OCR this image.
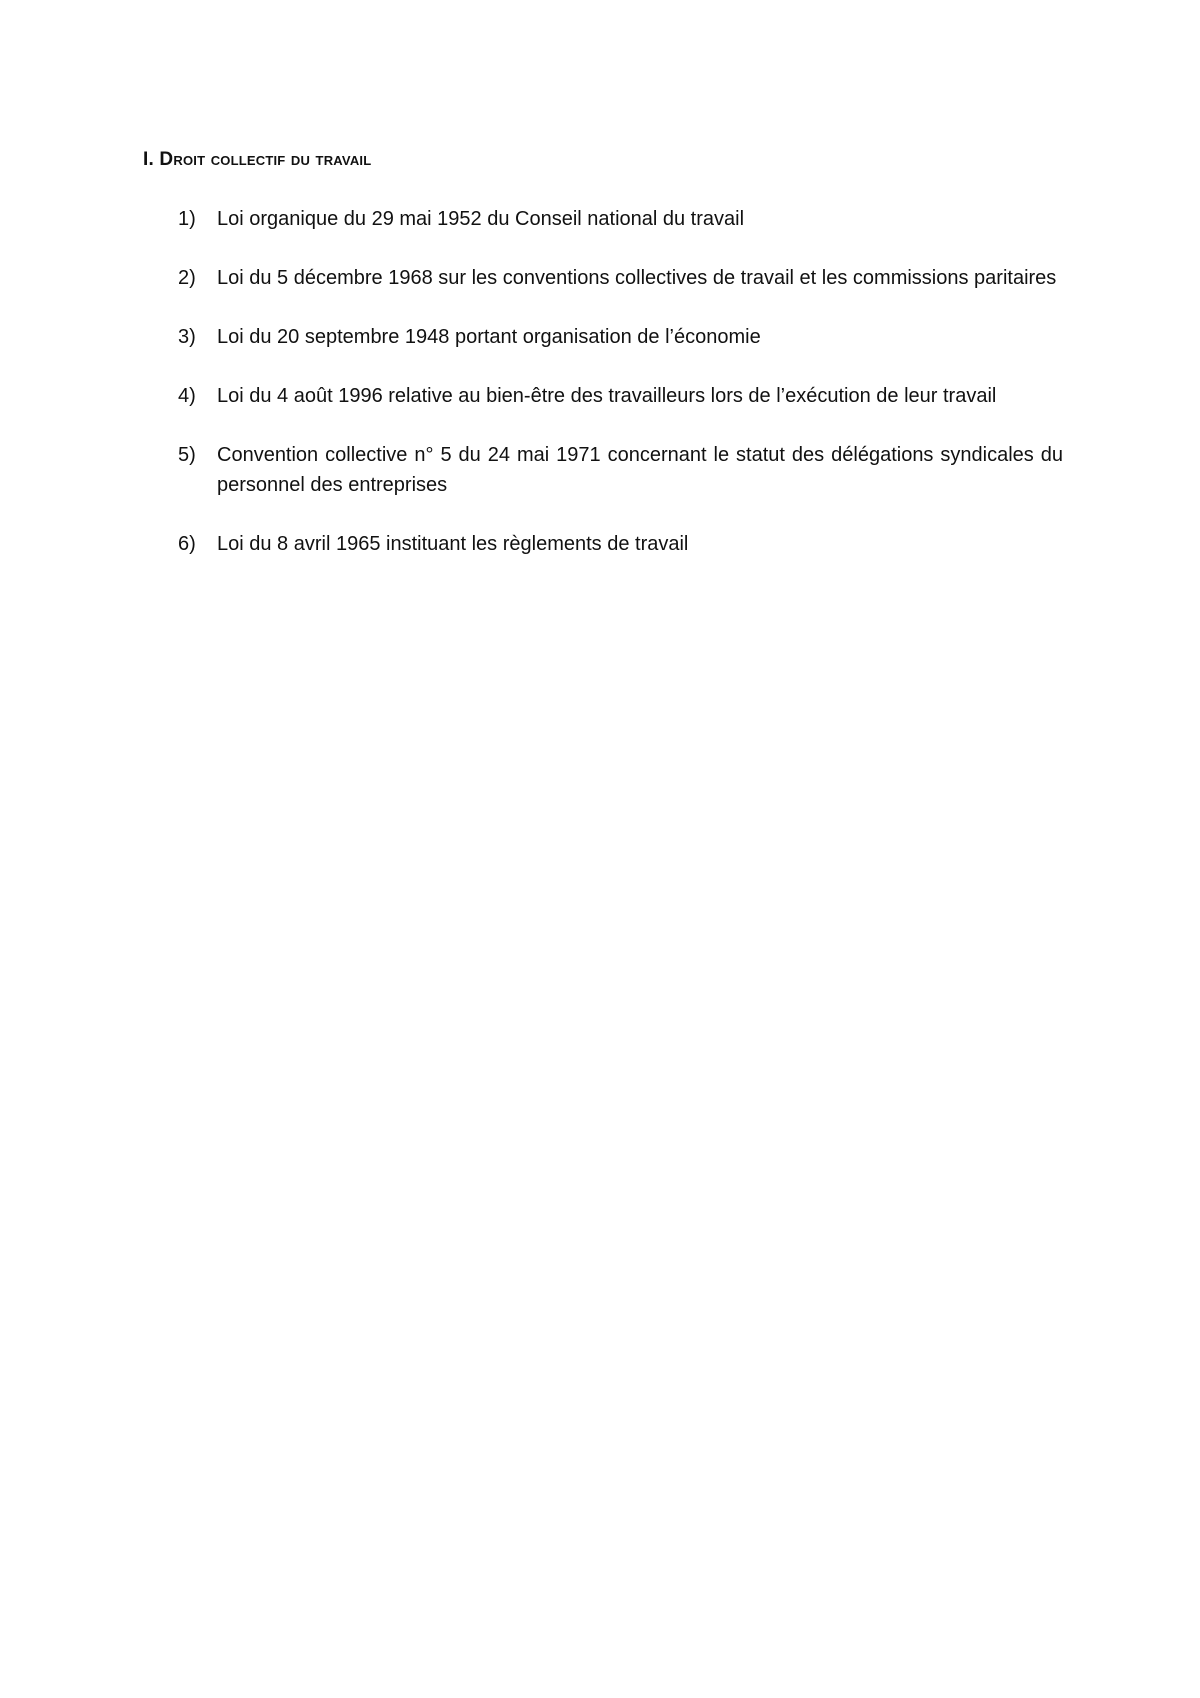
I. Droit collectif du travail
1) Loi organique du 29 mai 1952 du Conseil national du travail
2) Loi du 5 décembre 1968 sur les conventions collectives de travail et les commissions paritaires
3) Loi du 20 septembre 1948 portant organisation de l’économie
4) Loi du 4 août 1996 relative au bien-être des travailleurs lors de l’exécution de leur travail
5) Convention collective n° 5 du 24 mai 1971 concernant le statut des délégations syndicales du personnel des entreprises
6) Loi du 8 avril 1965 instituant les règlements de travail
